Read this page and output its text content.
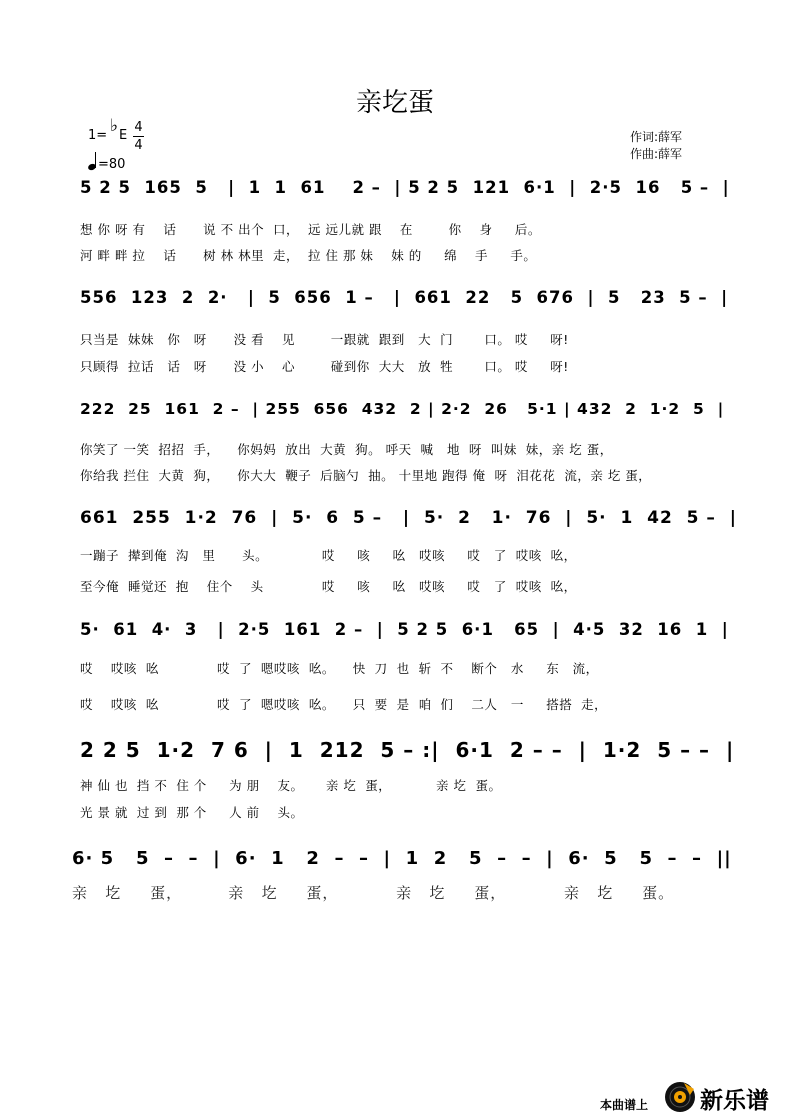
亲圪蛋
1= ♭ E
4
4
=80
作词:薛军
作曲:薛军
5 2 5  165  5   |  1  1  61    2 –  | 5 2 5  121  6·1  |  2·5  16   5 –  |
想 你 呀 有    话      说 不 出个  口，  远 远儿就 跟    在        你    身     后。
河 畔 畔 拉    话      树 林 林里  走，  拉 住 那 妹    妹 的     绵    手     手。
556  123  2  2·   |  5  656  1 –   |  661  22   5  676  |  5   23  5 –  |
只当是  妹妹   你   呀      没 看    见        一跟就  跟到   大  门       口。 哎     呀!
只顾得  拉话   话   呀      没 小    心        碰到你  大大   放  牲       口。 哎     呀!
222  25  161  2 –  | 255  656  432  2 | 2·2  26   5·1 | 432  2  1·2  5  |
你笑了 一笑  招招  手，    你妈妈  放出  大黄  狗。 呼天  喊   地  呀  叫妹  妹，亲 圪 蛋，
你给我 拦住  大黄  狗，    你大大  鞭子  后脑勺  抽。 十里地 跑得 俺  呀  泪花花  流，亲 圪 蛋，
661  255  1·2  76  |  5·  6  5 –   |  5·  2   1·  76  |  5·  1  42  5 –  |
一蹦子  撵到俺  沟   里      头。            哎     咳     吆   哎咳     哎   了  哎咳  吆，
至今俺  睡觉还  抱    住个    头             哎     咳     吆   哎咳     哎   了  哎咳  吆，
5·  61  4·  3   |  2·5  161  2 –  |  5 2 5  6·1   65  |  4·5  32  16  1  |
哎    哎咳  吆             哎  了  嗯哎咳  吆。    快  刀  也  斩  不    断个   水     东   流，
哎    哎咳  吆             哎  了  嗯哎咳  吆。    只  要  是  咱  们    二人   一     搭搭  走，
2 2 5  1·2  7 6  |  1  212  5 – :|  6·1  2 – –  |  1·2  5 – –  |
神 仙 也  挡 不  住 个     为 朋    友。     亲 圪  蛋，          亲 圪  蛋。
光 景 就  过 到  那 个     人 前    头。
6· 5   5  –  –  |  6·  1   2  –  –  |  1  2   5  –  –  |  6·  5   5  –  –  ||
亲   圪     蛋，        亲   圪     蛋，          亲   圪     蛋，          亲   圪     蛋。
本曲谱上 新乐谱
